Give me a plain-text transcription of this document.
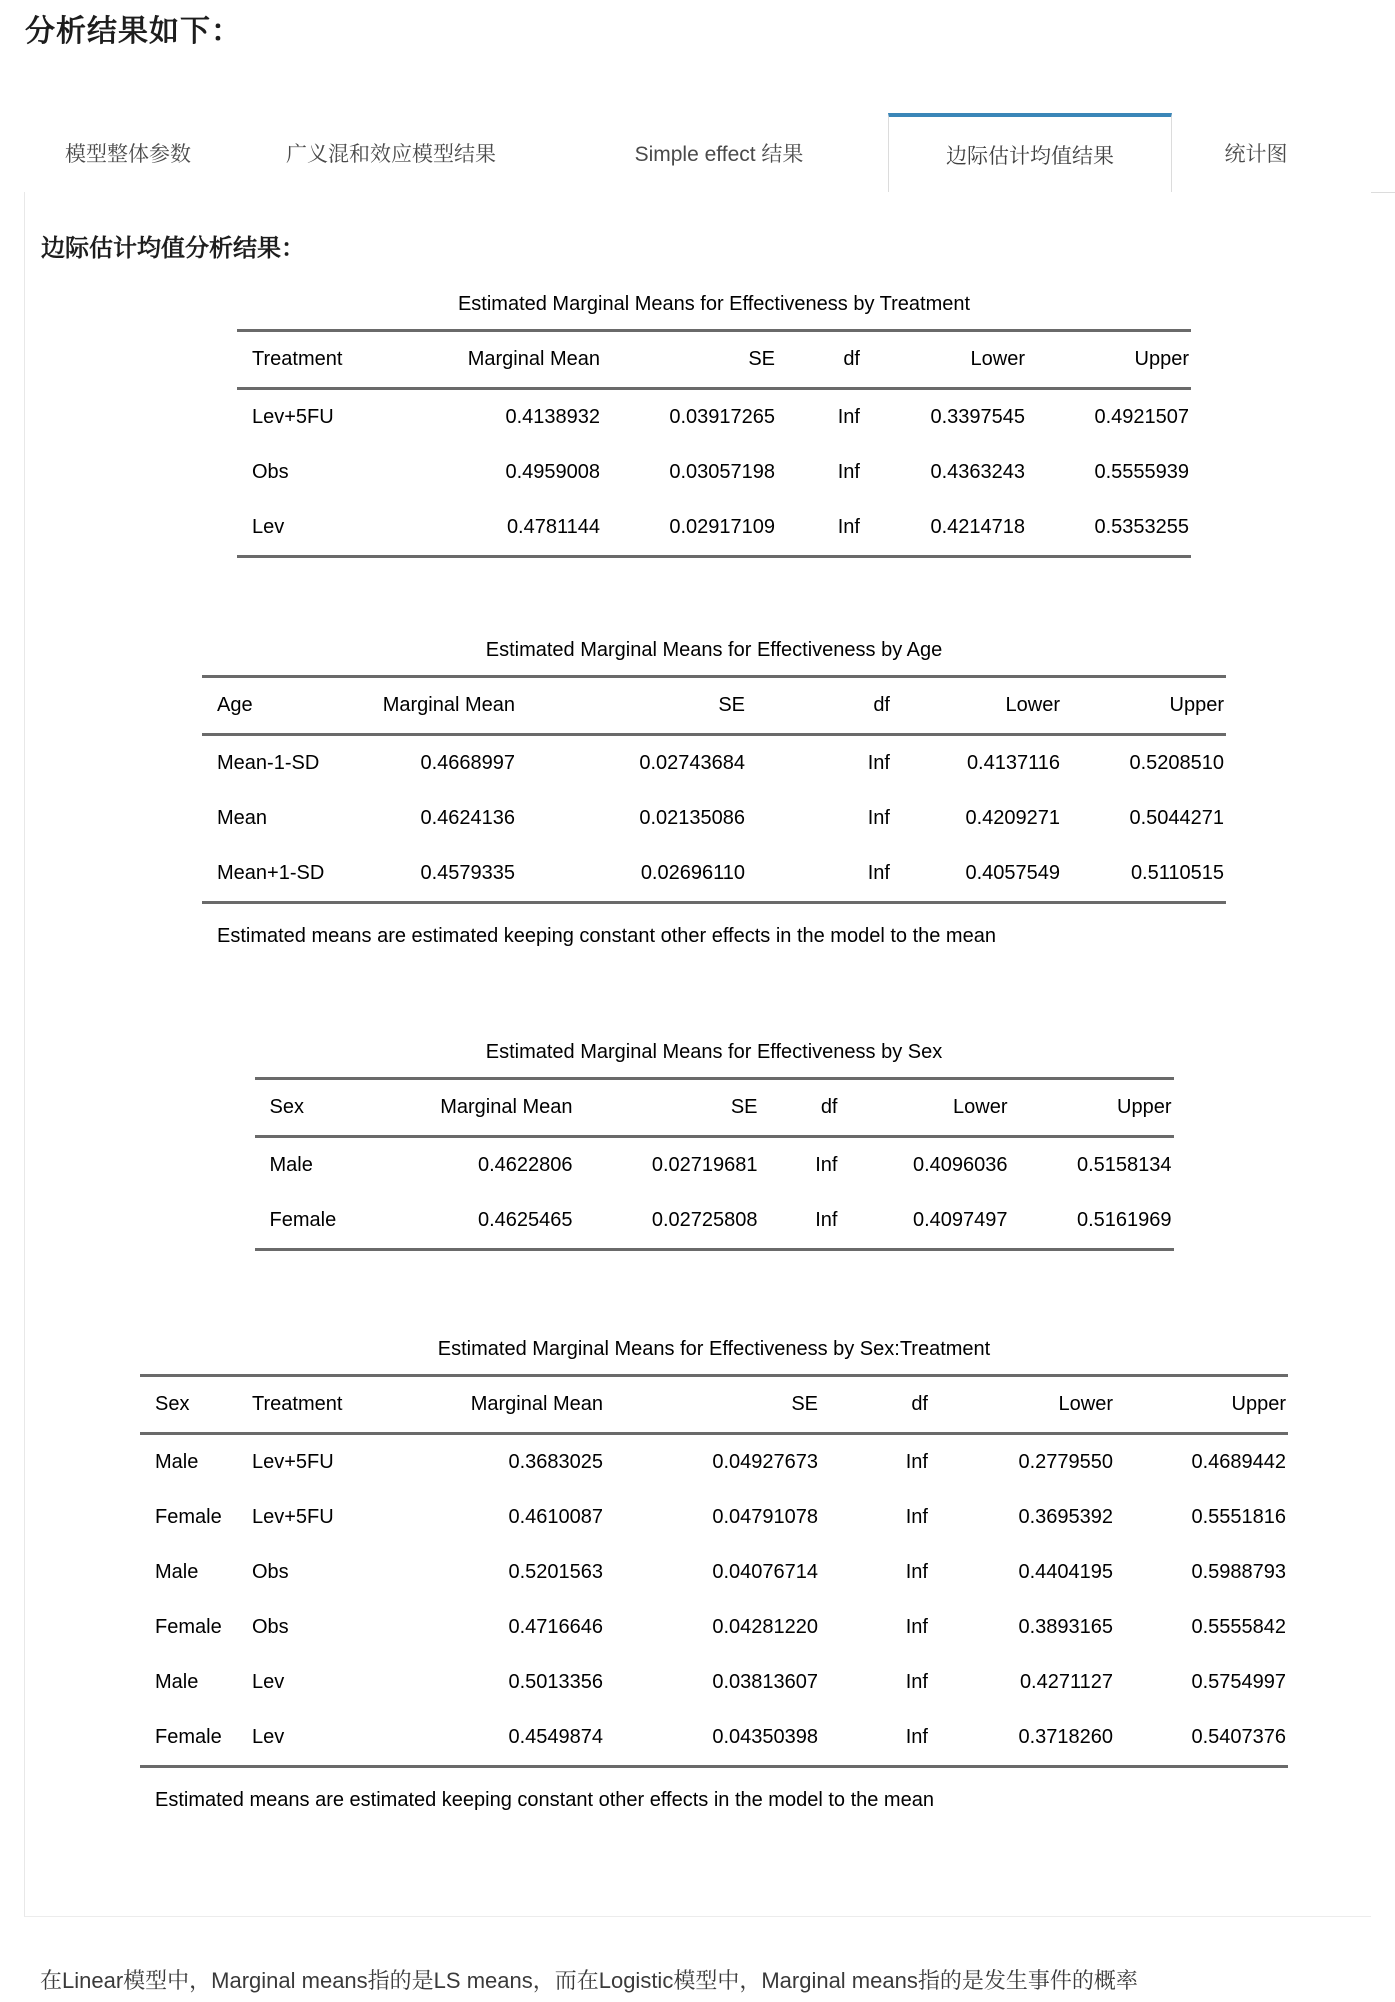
分析结果如下：
模型整体参数	广义混和效应模型结果	Simple effect 结果	边际估计均值结果	统计图
边际估计均值分析结果：
Estimated Marginal Means for Effectiveness by Treatment
Treatment	Marginal Mean	SE	df	Lower	Upper
Lev+5FU	0.4138932	0.03917265	Inf	0.3397545	0.4921507
Obs	0.4959008	0.03057198	Inf	0.4363243	0.5555939
Lev	0.4781144	0.02917109	Inf	0.4214718	0.5353255
Estimated Marginal Means for Effectiveness by Age
Age	Marginal Mean	SE	df	Lower	Upper
Mean-1-SD	0.4668997	0.02743684	Inf	0.4137116	0.5208510
Mean	0.4624136	0.02135086	Inf	0.4209271	0.5044271
Mean+1-SD	0.4579335	0.02696110	Inf	0.4057549	0.5110515
Estimated means are estimated keeping constant other effects in the model to the mean
Estimated Marginal Means for Effectiveness by Sex
Sex	Marginal Mean	SE	df	Lower	Upper
Male	0.4622806	0.02719681	Inf	0.4096036	0.5158134
Female	0.4625465	0.02725808	Inf	0.4097497	0.5161969
Estimated Marginal Means for Effectiveness by Sex:Treatment
Sex	Treatment	Marginal Mean	SE	df	Lower	Upper
Male	Lev+5FU	0.3683025	0.04927673	Inf	0.2779550	0.4689442
Female	Lev+5FU	0.4610087	0.04791078	Inf	0.3695392	0.5551816
Male	Obs	0.5201563	0.04076714	Inf	0.4404195	0.5988793
Female	Obs	0.4716646	0.04281220	Inf	0.3893165	0.5555842
Male	Lev	0.5013356	0.03813607	Inf	0.4271127	0.5754997
Female	Lev	0.4549874	0.04350398	Inf	0.3718260	0.5407376
Estimated means are estimated keeping constant other effects in the model to the mean

在Linear模型中，Marginal means指的是LS means，而在Logistic模型中，Marginal means指的是发生事件的概率
